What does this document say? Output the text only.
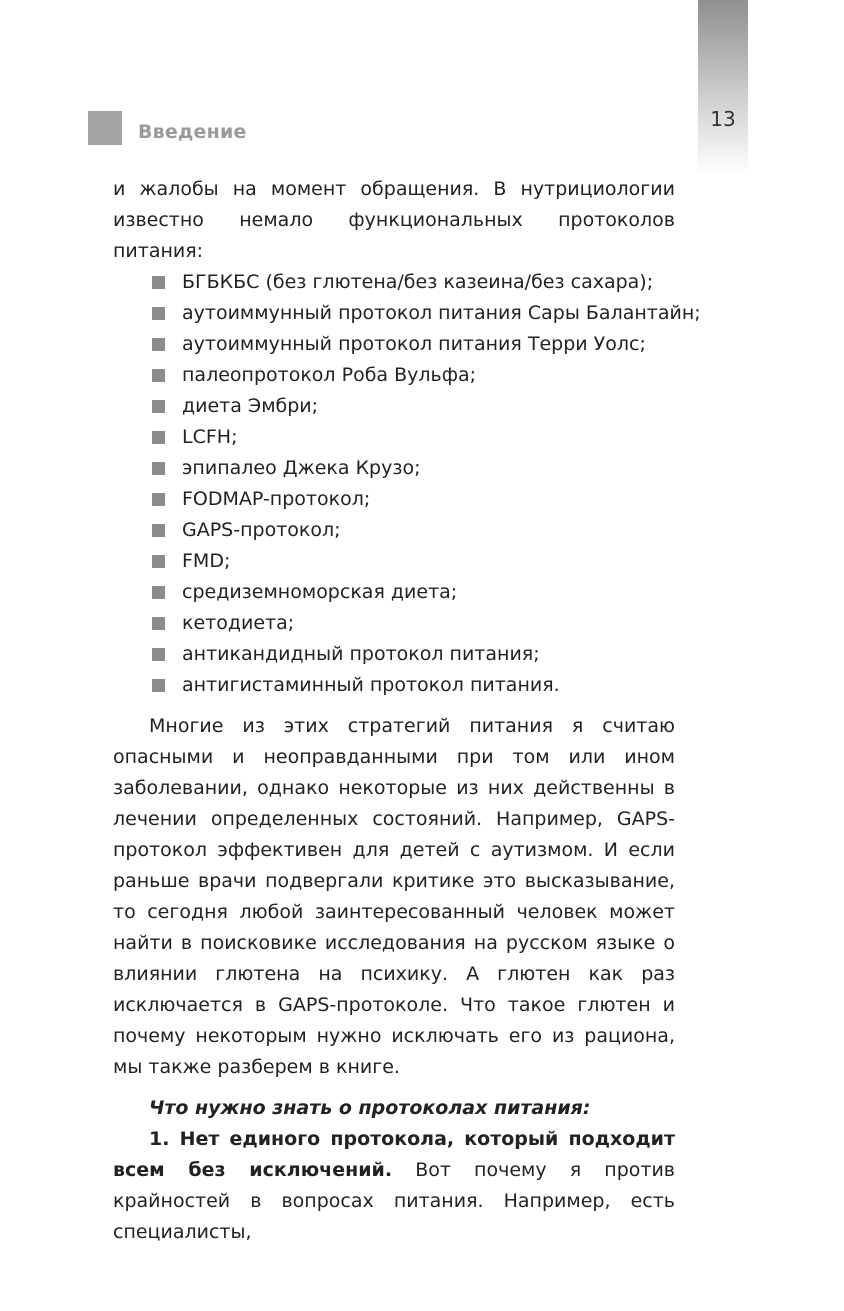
13
Введение

и жалобы на момент обращения. В нутрициологии известно немало функциональных протоколов питания:

БГБКБС (без глютена/без казеина/без сахара);
аутоиммунный протокол питания Сары Балантайн;
аутоиммунный протокол питания Терри Уолс;
палеопротокол Роба Вульфа;
диета Эмбри;
LCFH;
эпипалео Джека Крузо;
FODMAP-протокол;
GAPS-протокол;
FMD;
средиземноморская диета;
кетодиета;
антикандидный протокол питания;
антигистаминный протокол питания.

Многие из этих стратегий питания я считаю опасными и неоправданными при том или ином заболевании, однако некоторые из них действенны в лечении определенных состояний. Например, GAPS-протокол эффективен для детей с аутизмом. И если раньше врачи подвергали критике это высказывание, то сегодня любой заинтересованный человек может найти в поисковике исследования на русском языке о влиянии глютена на психику. А глютен как раз исключается в GAPS-протоколе. Что такое глютен и почему некоторым нужно исключать его из рациона, мы также разберем в книге.

Что нужно знать о протоколах питания:

1. Нет единого протокола, который подходит всем без исключений. Вот почему я против крайностей в вопросах питания. Например, есть специалисты,
